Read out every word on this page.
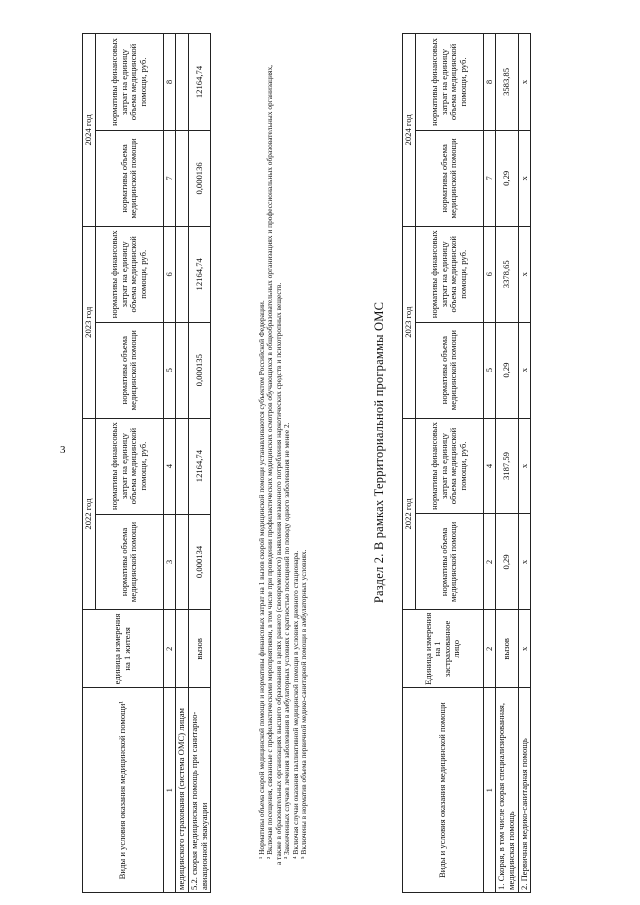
3
Виды и условия оказания медицинской помощи¹	единица измерения на 1 жителя	2022 год		2023 год		2024 год	
		нормативы объема медицинской помощи	нормативы финансовых затрат на единицу объема медицинской помощи, руб.	нормативы объема медицинской помощи	нормативы финансовых затрат на единицу объема медицинской помощи, руб.	нормативы объема медицинской помощи	нормативы финансовых затрат на единицу объема медицинской помощи, руб.
1	2	3	4	5	6	7	8
медицинского страхования (система ОМС) лицам							
5.2. скорая медицинская помощь при санитарно-авиационной эвакуации	вызов	0,000134	12164,74	0,000135	12164,74	0,000136	12164,74

¹ Нормативы объема скорой медицинской помощи и нормативы финансовых затрат на 1 вызов скорой медицинской помощи устанавливаются субъектом Российской Федерации. ² Включая посещения, связанные с профилактическими мероприятиями, в том числе при проведении профилактических медицинских осмотров обучающихся в общеобразовательных организациях и профессиональных образовательных организациях, а также в образовательных организациях высшего образования в целях раннего (своевременного) выявления незаконного потребления наркотических средств и психотропных веществ. ³ Законченных случаев лечения заболевания в амбулаторных условиях с кратностью посещений по поводу одного заболевания не менее 2. ⁴ Включая случаи оказания паллиативной медицинской помощи в условиях дневного стационара. ⁵ Включены в норматив объема первичной медико-санитарной помощи в амбулаторных условиях.

Раздел 2. В рамках Территориальной программы ОМС
Виды и условия оказания медицинской помощи	Единица измерения на 1 застрахованное лицо	2022 год		2023 год		2024 год	
		нормативы объема медицинской помощи	нормативы финансовых затрат на единицу объема медицинской помощи, руб.	нормативы объема медицинской помощи	нормативы финансовых затрат на единицу объема медицинской помощи, руб.	нормативы объема медицинской помощи	нормативы финансовых затрат на единицу объема медицинской помощи, руб.
1	2	2	4	5	6	7	8
1. Скорая, в том числе скорая специализированная, медицинская помощь	вызов	0,29	3187,59	0,29	3378,65	0,29	3583,85
2. Первичная медико-санитарная помощь	х	х	х	х	х	х	х
